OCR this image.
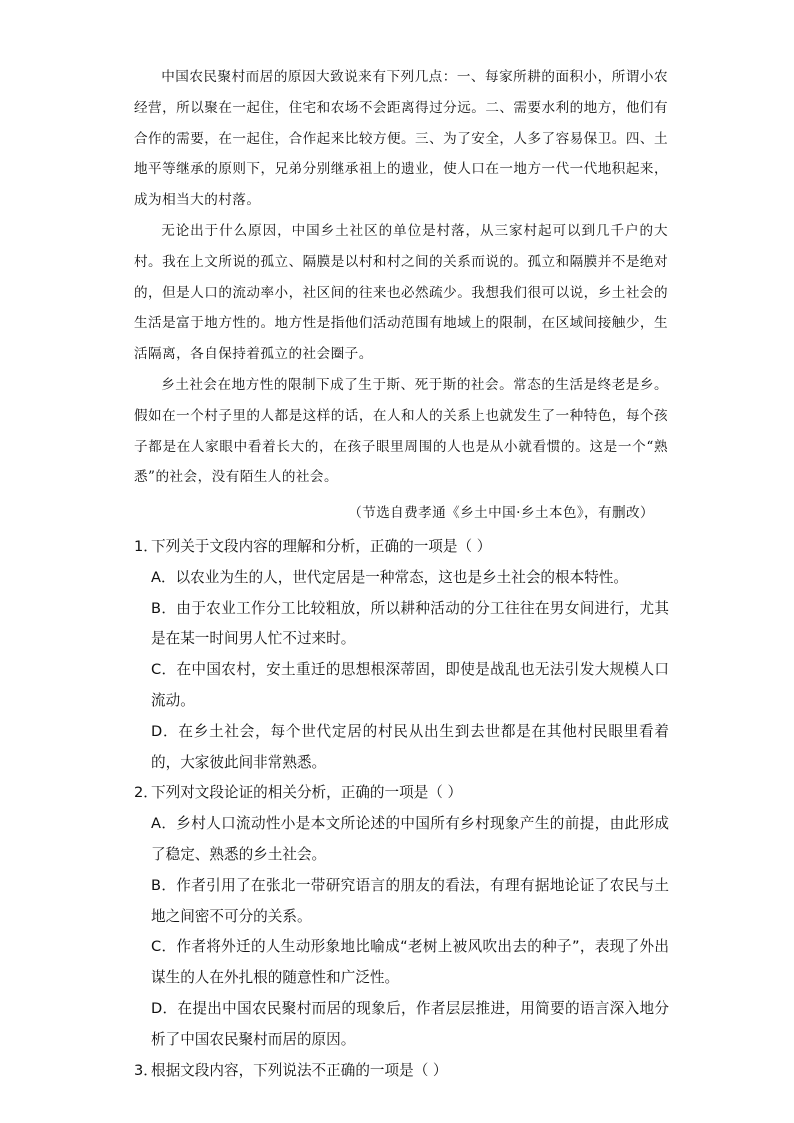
中国农民聚村而居的原因大致说来有下列几点：一、每家所耕的面积小，所谓小农经营，所以聚在一起住，住宅和农场不会距离得过分远。二、需要水利的地方，他们有合作的需要，在一起住，合作起来比较方便。三、为了安全，人多了容易保卫。四、土地平等继承的原则下，兄弟分别继承祖上的遗业，使人口在一地方一代一代地积起来，成为相当大的村落。

无论出于什么原因，中国乡土社区的单位是村落，从三家村起可以到几千户的大村。我在上文所说的孤立、隔膜是以村和村之间的关系而说的。孤立和隔膜并不是绝对的，但是人口的流动率小，社区间的往来也必然疏少。我想我们很可以说，乡土社会的生活是富于地方性的。地方性是指他们活动范围有地域上的限制，在区域间接触少，生活隔离，各自保持着孤立的社会圈子。

乡土社会在地方性的限制下成了生于斯、死于斯的社会。常态的生活是终老是乡。假如在一个村子里的人都是这样的话，在人和人的关系上也就发生了一种特色，每个孩子都是在人家眼中看着长大的，在孩子眼里周围的人也是从小就看惯的。这是一个“熟悉”的社会，没有陌生人的社会。

（节选自费孝通《乡土中国·乡土本色》，有删改）
1．
下列关于文段内容的理解和分析，正确的一项是（ ）
A．以农业为生的人，世代定居是一种常态，这也是乡土社会的根本特性。
B．由于农业工作分工比较粗放，所以耕种活动的分工往往在男女间进行，尤其是在某一时间男人忙不过来时。
C．在中国农村，安土重迁的思想根深蒂固，即使是战乱也无法引发大规模人口流动。
D．在乡土社会，每个世代定居的村民从出生到去世都是在其他村民眼里看着的，大家彼此间非常熟悉。
2．
下列对文段论证的相关分析，正确的一项是（ ）
A．乡村人口流动性小是本文所论述的中国所有乡村现象产生的前提，由此形成了稳定、熟悉的乡土社会。
B．作者引用了在张北一带研究语言的朋友的看法，有理有据地论证了农民与土地之间密不可分的关系。
C．作者将外迁的人生动形象地比喻成“老树上被风吹出去的种子”，表现了外出谋生的人在外扎根的随意性和广泛性。
D．在提出中国农民聚村而居的现象后，作者层层推进，用简要的语言深入地分析了中国农民聚村而居的原因。
3．
根据文段内容，下列说法不正确的一项是（ ）
